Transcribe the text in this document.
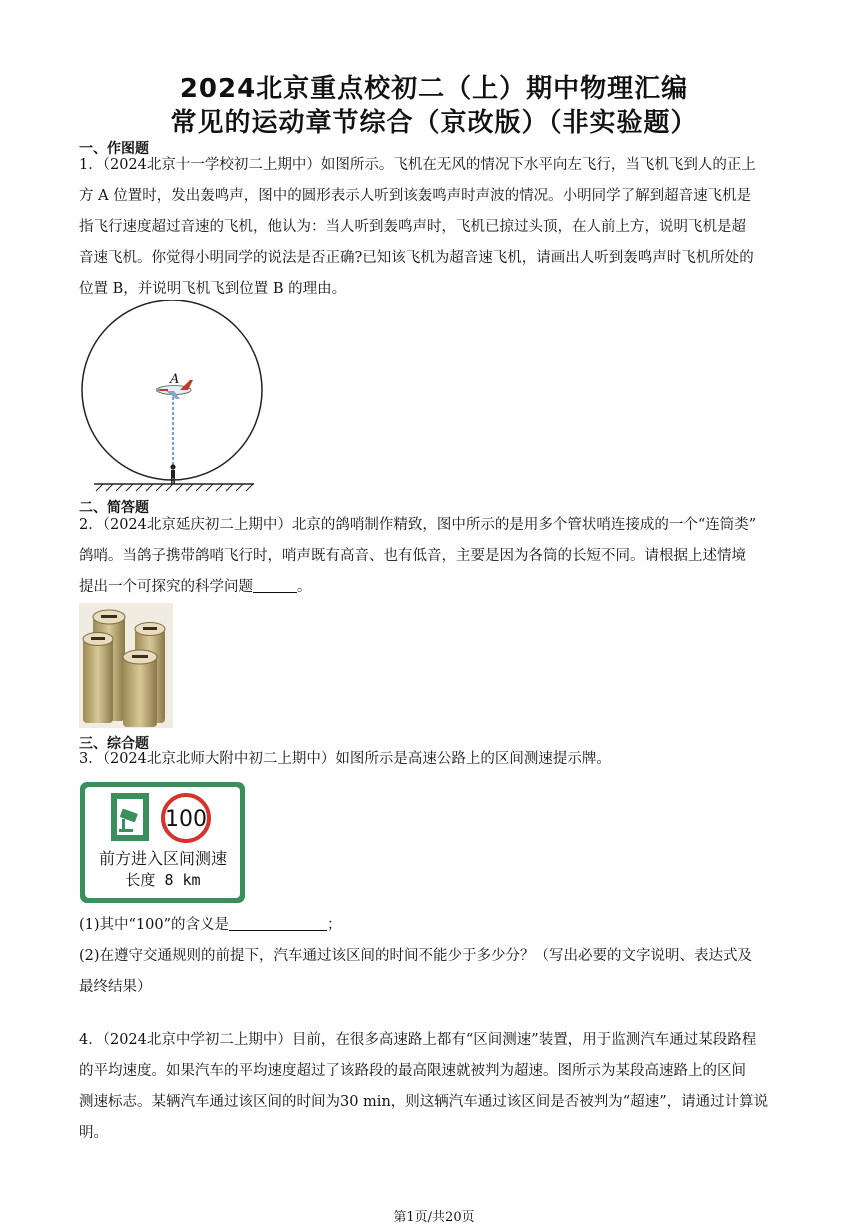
2024北京重点校初二（上）期中物理汇编
常见的运动章节综合（京改版）（非实验题）
一、作图题
1．（2024北京十一学校初二上期中）如图所示。飞机在无风的情况下水平向左飞行，当飞机飞到人的正上
方 A 位置时，发出轰鸣声，图中的圆形表示人听到该轰鸣声时声波的情况。小明同学了解到超音速飞机是
指飞行速度超过音速的飞机，他认为：当人听到轰鸣声时，飞机已掠过头顶，在人前上方，说明飞机是超
音速飞机。你觉得小明同学的说法是否正确?已知该飞机为超音速飞机，请画出人听到轰鸣声时飞机所处的
位置 B，并说明飞机飞到位置 B 的理由。
A
二、简答题
2．（2024北京延庆初二上期中）北京的鸽哨制作精致，图中所示的是用多个管状哨连接成的一个“连筒类”
鸽哨。当鸽子携带鸽哨飞行时，哨声既有高音、也有低音，主要是因为各筒的长短不同。请根据上述情境
提出一个可探究的科学问题	。
三、综合题
3．（2024北京北师大附中初二上期中）如图所示是高速公路上的区间测速提示牌。
100
前方进入区间测速
长度 8 km
(1)其中“100”的含义是	；
(2)在遵守交通规则的前提下，汽车通过该区间的时间不能少于多少分？（写出必要的文字说明、表达式及
最终结果）
4．（2024北京中学初二上期中）目前，在很多高速路上都有“区间测速”装置，用于监测汽车通过某段路程
的平均速度。如果汽车的平均速度超过了该路段的最高限速就被判为超速。图所示为某段高速路上的区间
测速标志。某辆汽车通过该区间的时间为30 min，则这辆汽车通过该区间是否被判为“超速”，请通过计算说
明。
第1页/共20页
